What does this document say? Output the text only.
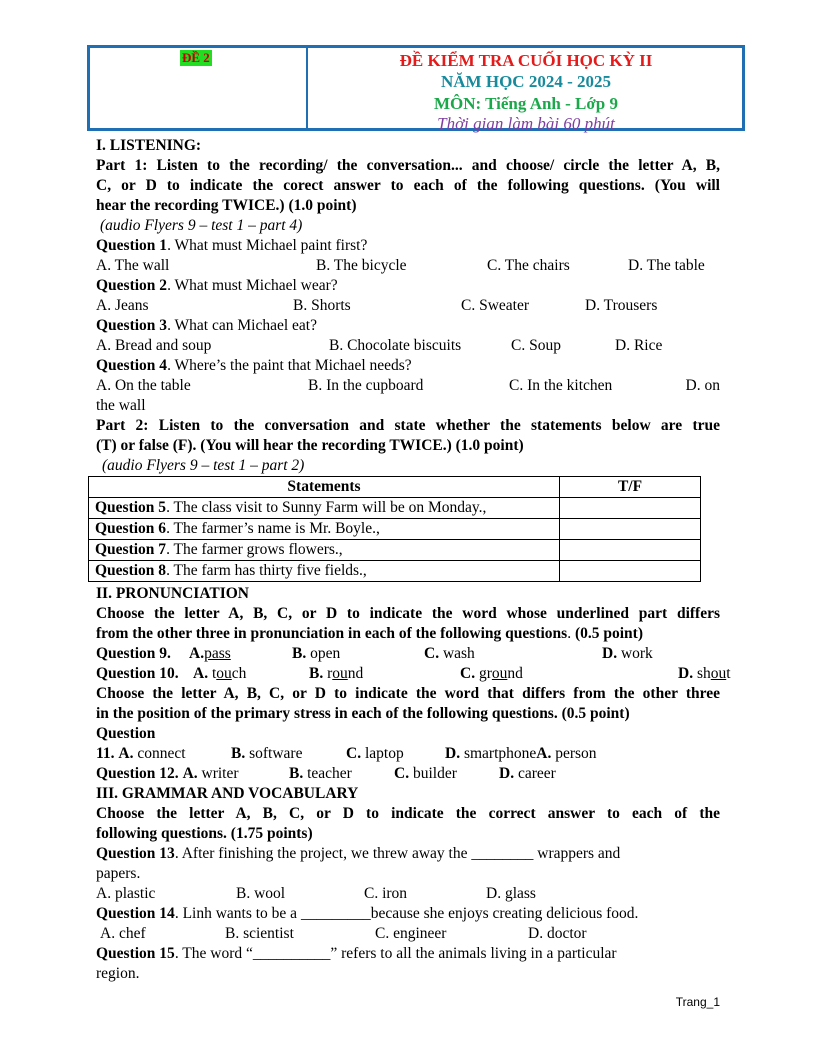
ĐỀ 2	ĐỀ KIỂM TRA CUỐI HỌC KỲ II
NĂM HỌC 2024 - 2025
MÔN: Tiếng Anh - Lớp 9
Thời gian làm bài 60 phút
I. LISTENING:
Part 1: Listen to the recording/ the conversation... and choose/ circle the letter A, B,
C, or D to indicate the corect answer to each of the following questions. (You will
hear the recording TWICE.) (1.0 point)
(audio Flyers 9 – test 1 – part 4)
Question 1. What must Michael paint first?
A. The wall	B. The bicycle	C. The chairs	D. The table
Question 2. What must Michael wear?
A. Jeans	B. Shorts	C. Sweater	D. Trousers
Question 3. What can Michael eat?
A. Bread and soup	B. Chocolate biscuits	C. Soup	D. Rice
Question 4. Where’s the paint that Michael needs?
A. On the table	B. In the cupboard	C. In the kitchen	D. on
the wall
Part 2: Listen to the conversation and state whether the statements below are true
(T) or false (F). (You will hear the recording TWICE.) (1.0 point)
(audio Flyers 9 – test 1 – part 2)
Statements	T/F
Question 5. The class visit to Sunny Farm will be on Monday.,	
Question 6. The farmer’s name is Mr. Boyle.,	
Question 7. The farmer grows flowers.,	
Question 8. The farm has thirty five fields.,	
II. PRONUNCIATION
Choose the letter A, B, C, or D to indicate the word whose underlined part differs
from the other three in pronunciation in each of the following questions. (0.5 point)
Question 9. A.pass	B. open	C. wash	D. work
Question 10. A. touch	B. round	C. ground	D. shout
Choose the letter A, B, C, or D to indicate the word that differs from the other three
in the position of the primary stress in each of the following questions. (0.5 point)
Question
11. A. connect	B. software	C. laptop	D. smartphoneA. person
Question 12. A. writer	B. teacher	C. builder	D. career
III. GRAMMAR AND VOCABULARY
Choose the letter A, B, C, or D to indicate the correct answer to each of the
following questions. (1.75 points)
Question 13. After finishing the project, we threw away the ________ wrappers and
papers.
A. plastic	B. wool	C. iron	D. glass
Question 14. Linh wants to be a _________because she enjoys creating delicious food.
A. chef	B. scientist	C. engineer	D. doctor
Question 15. The word “__________” refers to all the animals living in a particular
region.
Trang_1
